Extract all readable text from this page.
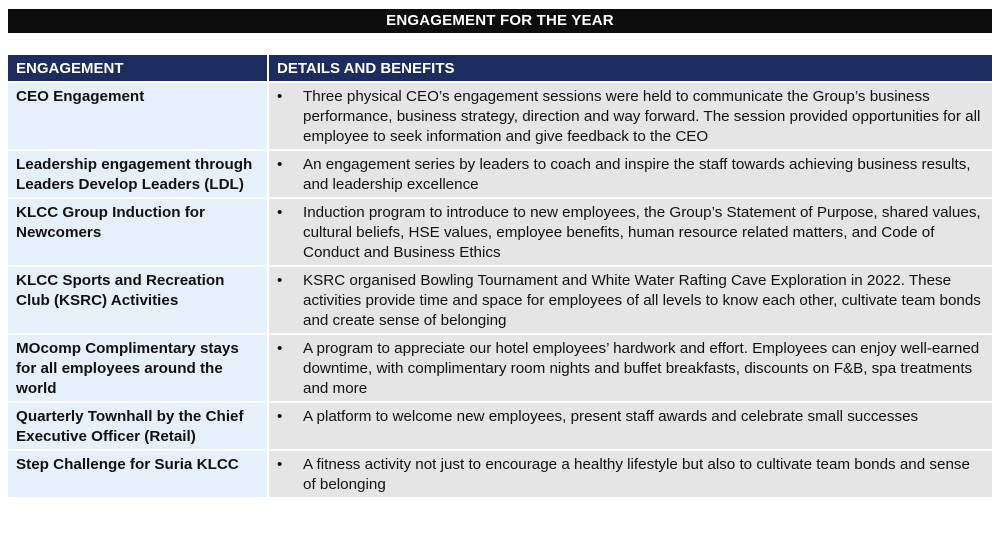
ENGAGEMENT FOR THE YEAR
ENGAGEMENT	DETAILS AND BENEFITS
CEO Engagement	• Three physical CEO’s engagement sessions were held to communicate the Group’s business performance, business strategy, direction and way forward. The session provided opportunities for all employee to seek information and give feedback to the CEO

Leadership engagement through Leaders Develop Leaders (LDL)	• An engagement series by leaders to coach and inspire the staff towards achieving business results, and leadership excellence

KLCC Group Induction for Newcomers	• Induction program to introduce to new employees, the Group’s Statement of Purpose, shared values, cultural beliefs, HSE values, employee benefits, human resource related matters, and Code of Conduct and Business Ethics

KLCC Sports and Recreation Club (KSRC) Activities	• KSRC organised Bowling Tournament and White Water Rafting Cave Exploration in 2022. These activities provide time and space for employees of all levels to know each other, cultivate team bonds and create sense of belonging

MOcomp Complimentary stays for all employees around the world	• A program to appreciate our hotel employees’ hardwork and effort. Employees can enjoy well-earned downtime, with complimentary room nights and buffet breakfasts, discounts on F&B, spa treatments and more

Quarterly Townhall by the Chief Executive Officer (Retail)	• A platform to welcome new employees, present staff awards and celebrate small successes

Step Challenge for Suria KLCC	• A fitness activity not just to encourage a healthy lifestyle but also to cultivate team bonds and sense of belonging
